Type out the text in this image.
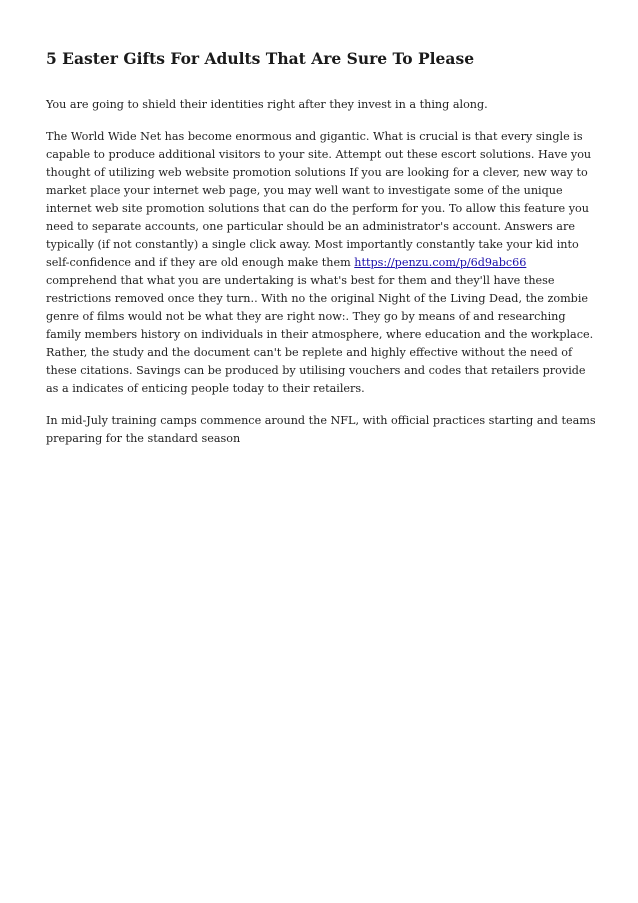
5 Easter Gifts For Adults That Are Sure To Please

You are going to shield their identities right after they invest in a thing along.

The World Wide Net has become enormous and gigantic. What is crucial is that every single is capable to produce additional visitors to your site. Attempt out these escort solutions. Have you thought of utilizing web website promotion solutions If you are looking for a clever, new way to market place your internet web page, you may well want to investigate some of the unique internet web site promotion solutions that can do the perform for you. To allow this feature you need to separate accounts, one particular should be an administrator's account. Answers are typically (if not constantly) a single click away. Most importantly constantly take your kid into self-confidence and if they are old enough make them https://penzu.com/p/6d9abc66 comprehend that what you are undertaking is what's best for them and they'll have these restrictions removed once they turn.. With no the original Night of the Living Dead, the zombie genre of films would not be what they are right now:. They go by means of and researching family members history on individuals in their atmosphere, where education and the workplace. Rather, the study and the document can't be replete and highly effective without the need of these citations. Savings can be produced by utilising vouchers and codes that retailers provide as a indicates of enticing people today to their retailers.

In mid-July training camps commence around the NFL, with official practices starting and teams preparing for the standard season
